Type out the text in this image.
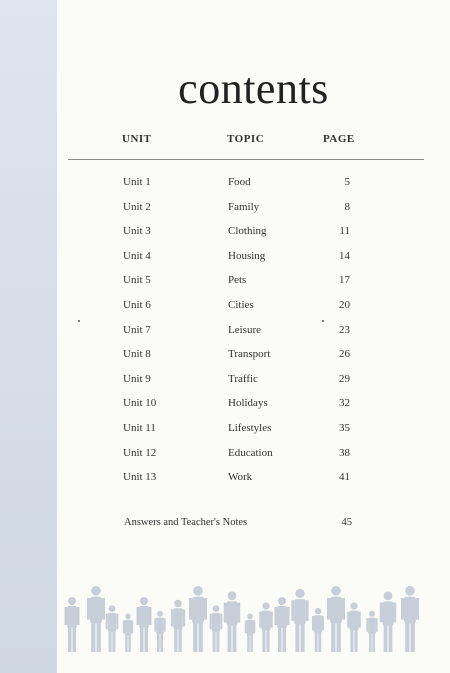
contents
UNIT	TOPIC	PAGE
Unit 1	Food	5
Unit 2	Family	8
Unit 3	Clothing	11
Unit 4	Housing	14
Unit 5	Pets	17
Unit 6	Cities	20
Unit 7	Leisure	23
Unit 8	Transport	26
Unit 9	Traffic	29
Unit 10	Holidays	32
Unit 11	Lifestyles	35
Unit 12	Education	38
Unit 13	Work	41
Answers and Teacher's Notes	45
